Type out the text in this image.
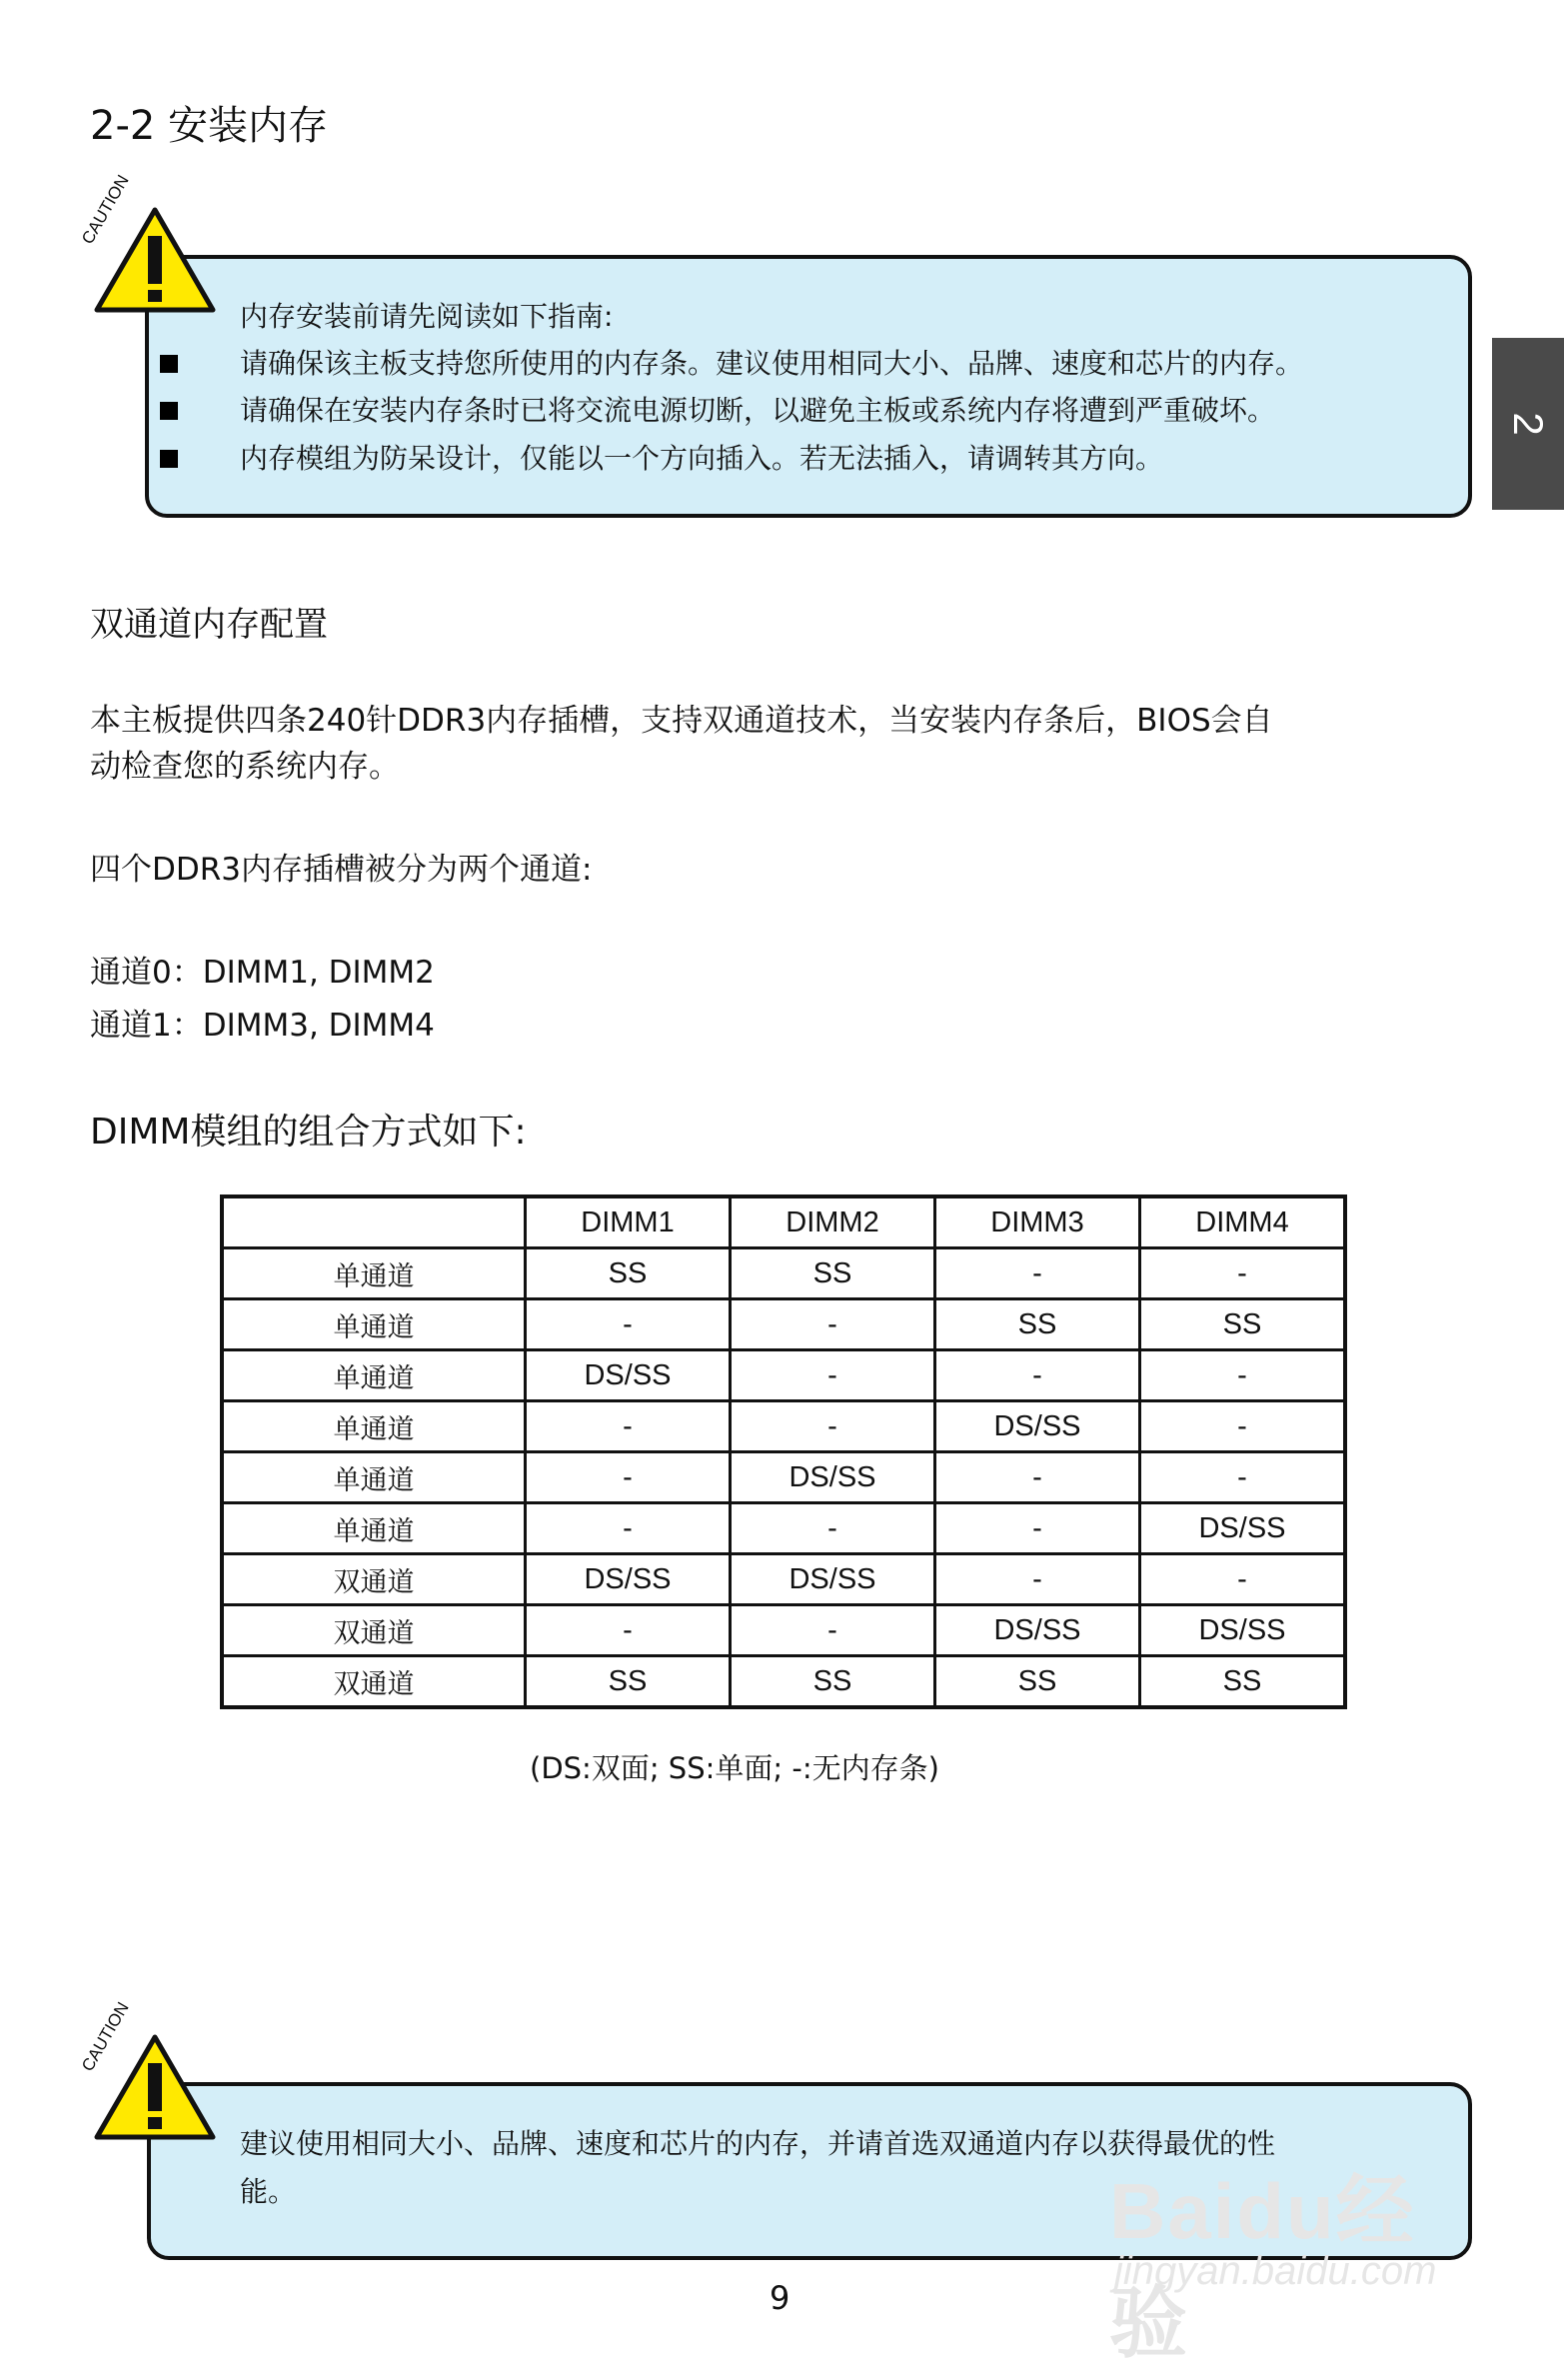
2-2 安装内存
2
CAUTION
内存安装前请先阅读如下指南:
请确保该主板支持您所使用的内存条。建议使用相同大小、品牌、速度和芯片的内存。
请确保在安装内存条时已将交流电源切断，以避免主板或系统内存将遭到严重破坏。
内存模组为防呆设计，仅能以一个方向插入。若无法插入，请调转其方向。
双通道内存配置
本主板提供四条240针DDR3内存插槽，支持双通道技术，当安装内存条后，BIOS会自
动检查您的系统内存。
四个DDR3内存插槽被分为两个通道:
通道0：DIMM1, DIMM2
通道1：DIMM3, DIMM4
DIMM模组的组合方式如下:
	DIMM1	DIMM2	DIMM3	DIMM4
单通道	SS	SS	-	-
单通道	-	-	SS	SS
单通道	DS/SS	-	-	-
单通道	-	-	DS/SS	-
单通道	-	DS/SS	-	-
单通道	-	-	-	DS/SS
双通道	DS/SS	DS/SS	-	-
双通道	-	-	DS/SS	DS/SS
双通道	SS	SS	SS	SS
(DS:双面; SS:单面; -:无内存条)
CAUTION
建议使用相同大小、品牌、速度和芯片的内存，并请首选双通道内存以获得最优的性
能。
9
Baidu经验
jingyan.baidu.com
